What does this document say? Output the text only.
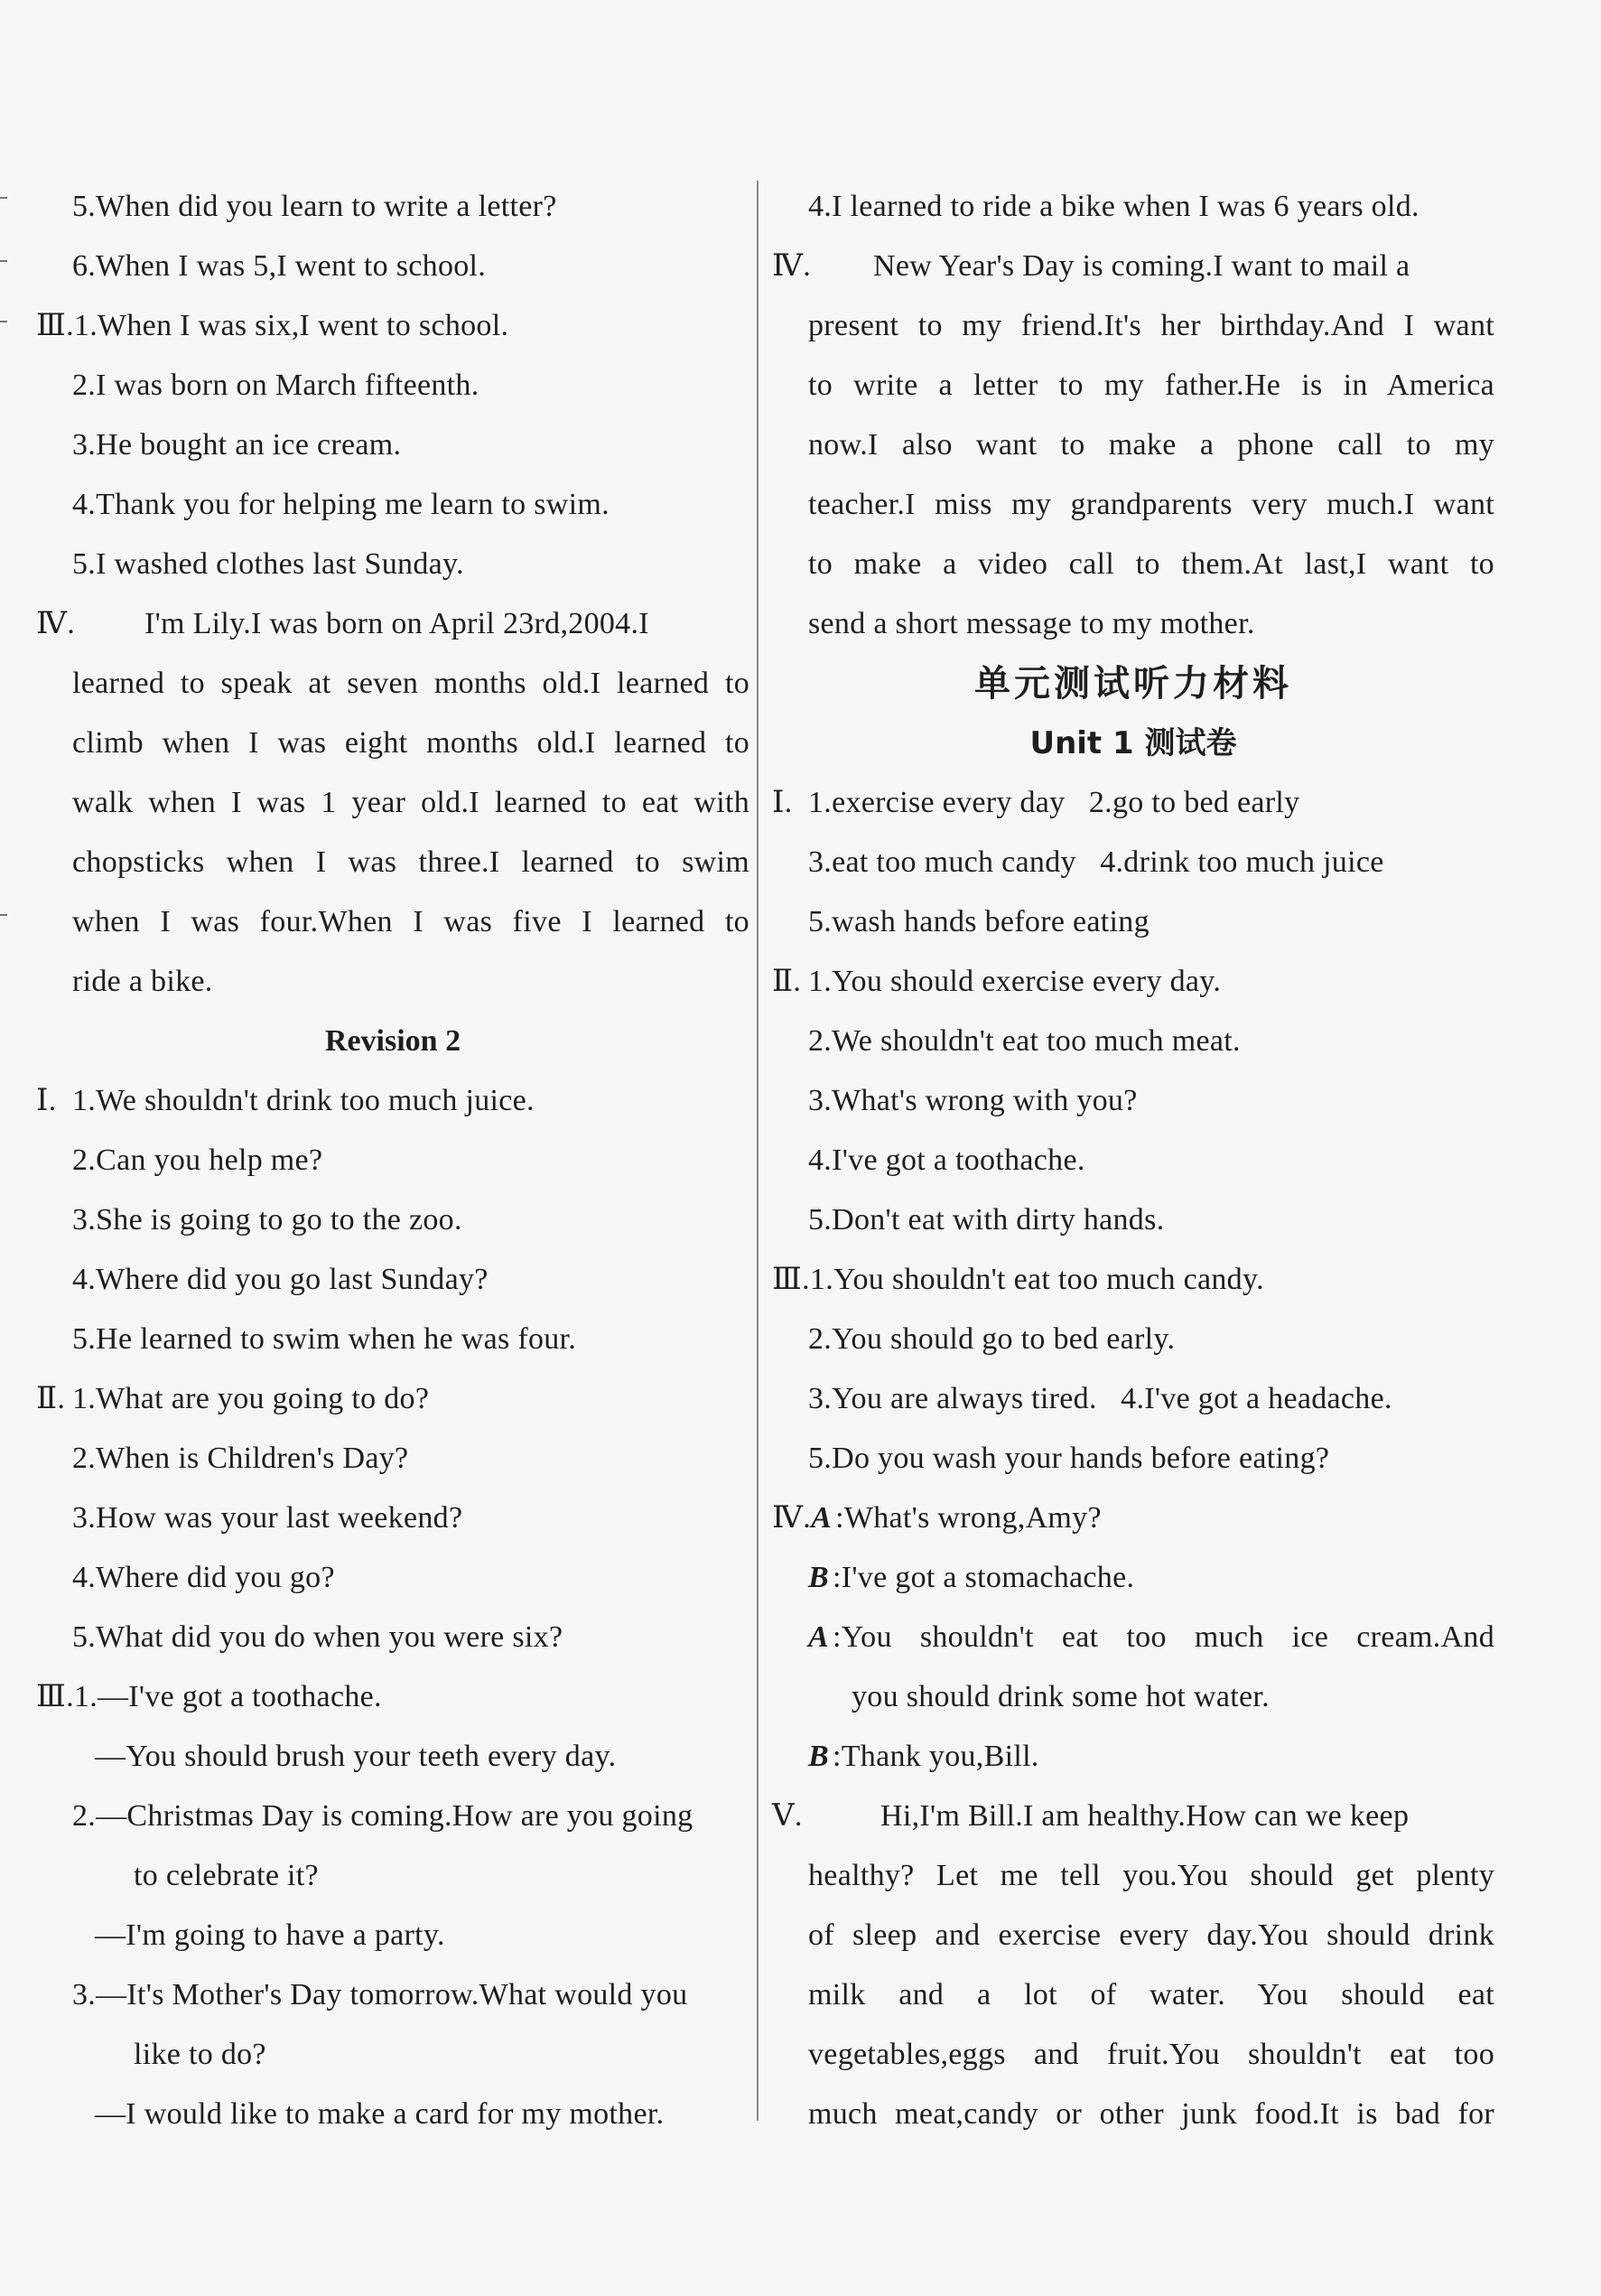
5.When did you learn to write a letter?
6.When I was 5,I went to school.
Ⅲ.1.When I was six,I went to school.
2.I was born on March fifteenth.
3.He bought an ice cream.
4.Thank you for helping me learn to swim.
5.I washed clothes last Sunday.
Ⅳ. I'm Lily.I was born on April 23rd,2004.I
learned to speak at seven months old.I learned to
climb when I was eight months old.I learned to
walk when I was 1 year old.I learned to eat with
chopsticks when I was three.I learned to swim
when I was four.When I was five I learned to
ride a bike.
Revision 2
Ⅰ. 1.We shouldn't drink too much juice.
2.Can you help me?
3.She is going to go to the zoo.
4.Where did you go last Sunday?
5.He learned to swim when he was four.
Ⅱ. 1.What are you going to do?
2.When is Children's Day?
3.How was your last weekend?
4.Where did you go?
5.What did you do when you were six?
Ⅲ.1.—I've got a toothache.
—You should brush your teeth every day.
2.—Christmas Day is coming.How are you going
to celebrate it?
—I'm going to have a party.
3.—It's Mother's Day tomorrow.What would you
like to do?
—I would like to make a card for my mother.
4.I learned to ride a bike when I was 6 years old.
Ⅳ. New Year's Day is coming.I want to mail a
present to my friend.It's her birthday.And I want
to write a letter to my father.He is in America
now.I also want to make a phone call to my
teacher.I miss my grandparents very much.I want
to make a video call to them.At last,I want to
send a short message to my mother.
单元测试听力材料
Unit 1 测试卷
Ⅰ. 1.exercise every day   2.go to bed early
3.eat too much candy   4.drink too much juice
5.wash hands before eating
Ⅱ. 1.You should exercise every day.
2.We shouldn't eat too much meat.
3.What's wrong with you?
4.I've got a toothache.
5.Don't eat with dirty hands.
Ⅲ.1.You shouldn't eat too much candy.
2.You should go to bed early.
3.You are always tired.   4.I've got a headache.
5.Do you wash your hands before eating?
Ⅳ.A :What's wrong,Amy?
B :I've got a stomachache.
A :You shouldn't eat too much ice cream.And
you should drink some hot water.
B :Thank you,Bill.
Ⅴ.	Hi,I'm Bill.I am healthy.How can we keep
healthy? Let me tell you.You should get plenty
of sleep and exercise every day.You should drink
milk and a lot of water. You should eat
vegetables,eggs and fruit.You shouldn't eat too
much meat,candy or other junk food.It is bad for
